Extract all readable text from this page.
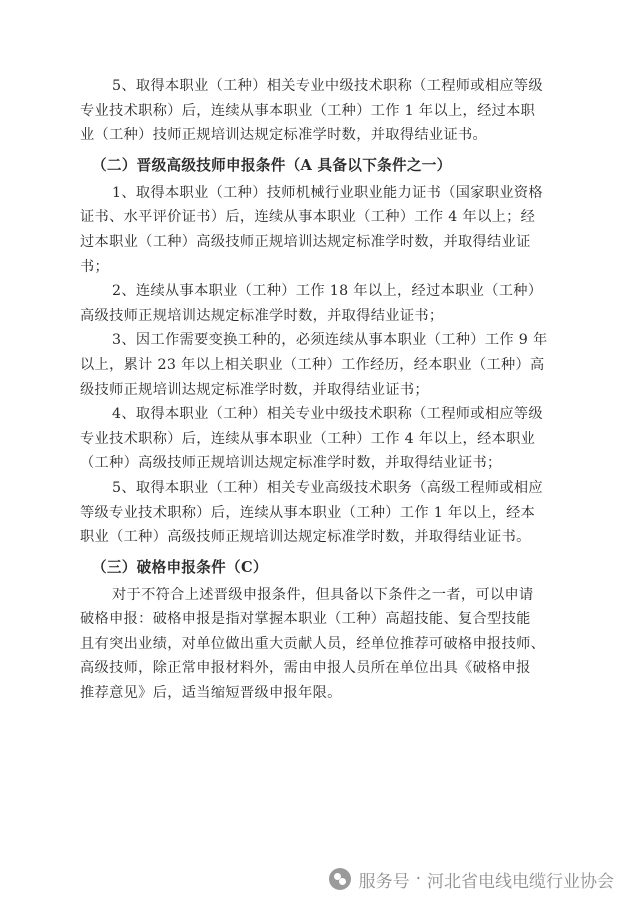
5、取得本职业（工种）相关专业中级技术职称（工程师或相应等级
专业技术职称）后，连续从事本职业（工种）工作 1 年以上，经过本职
业（工种）技师正规培训达规定标准学时数，并取得结业证书。

（二）晋级高级技师申报条件（A 具备以下条件之一）

1、取得本职业（工种）技师机械行业职业能力证书（国家职业资格
证书、水平评价证书）后，连续从事本职业（工种）工作 4 年以上；经
过本职业（工种）高级技师正规培训达规定标准学时数，并取得结业证
书；

2、连续从事本职业（工种）工作 18 年以上，经过本职业（工种）
高级技师正规培训达规定标准学时数，并取得结业证书；

3、因工作需要变换工种的，必须连续从事本职业（工种）工作 9 年
以上，累计 23 年以上相关职业（工种）工作经历，经本职业（工种）高
级技师正规培训达规定标准学时数，并取得结业证书；

4、取得本职业（工种）相关专业中级技术职称（工程师或相应等级
专业技术职称）后，连续从事本职业（工种）工作 4 年以上，经本职业
（工种）高级技师正规培训达规定标准学时数，并取得结业证书；

5、取得本职业（工种）相关专业高级技术职务（高级工程师或相应
等级专业技术职称）后，连续从事本职业（工种）工作 1 年以上，经本
职业（工种）高级技师正规培训达规定标准学时数，并取得结业证书。

（三）破格申报条件（C）

对于不符合上述晋级申报条件，但具备以下条件之一者，可以申请
破格申报：破格申报是指对掌握本职业（工种）高超技能、复合型技能
且有突出业绩，对单位做出重大贡献人员，经单位推荐可破格申报技师、
高级技师，除正常申报材料外，需由申报人员所在单位出具《破格申报
推荐意见》后，适当缩短晋级申报年限。

服务号 · 河北省电线电缆行业协会
